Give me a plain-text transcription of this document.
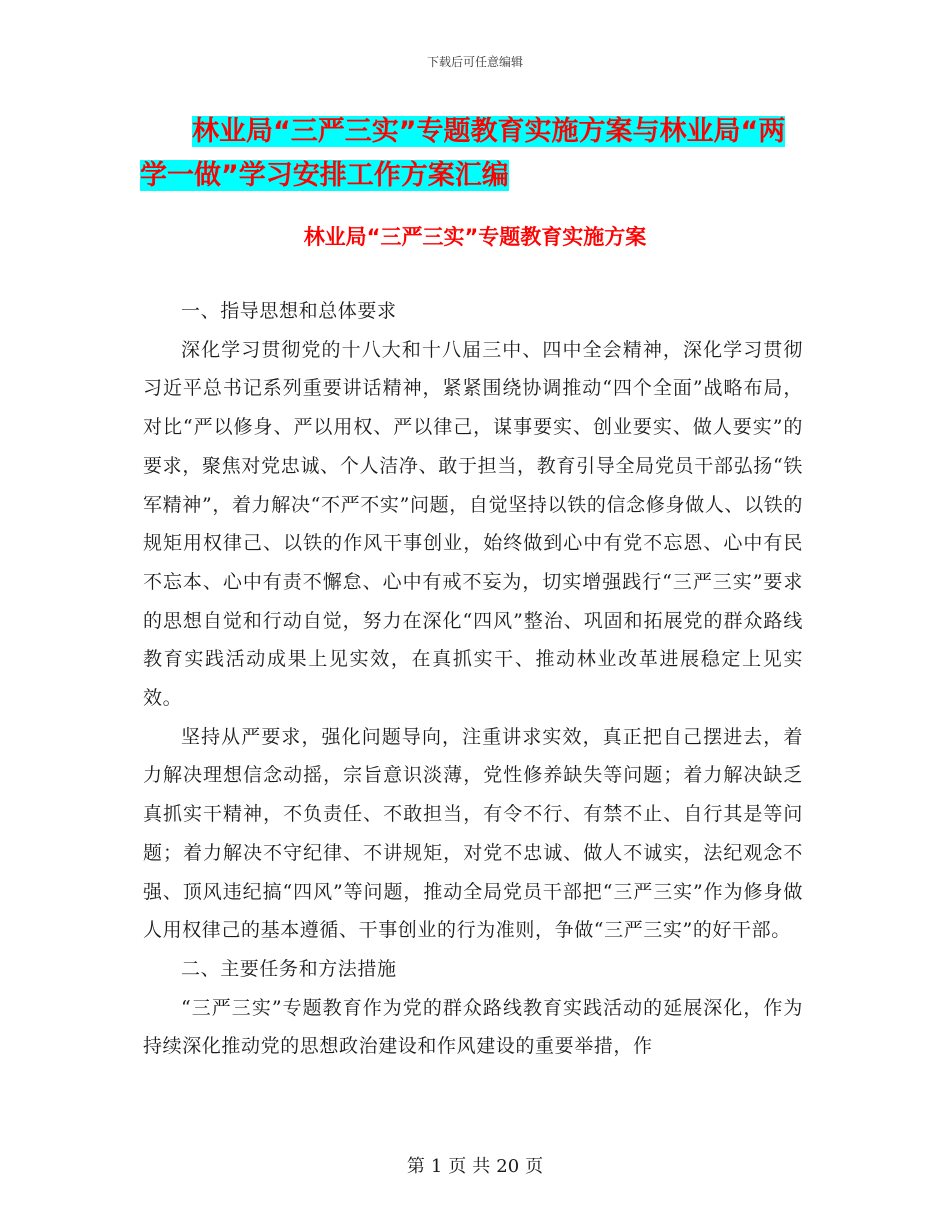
下载后可任意编辑
林业局“三严三实”专题教育实施方案与林业局“两
学一做”学习安排工作方案汇编
林业局“三严三实”专题教育实施方案

一、指导思想和总体要求

深化学习贯彻党的十八大和十八届三中、四中全会精神，深化学习贯彻习近平总书记系列重要讲话精神，紧紧围绕协调推动“四个全面”战略布局，对比“严以修身、严以用权、严以律己，谋事要实、创业要实、做人要实”的要求，聚焦对党忠诚、个人洁净、敢于担当，教育引导全局党员干部弘扬“铁军精神”，着力解决“不严不实”问题，自觉坚持以铁的信念修身做人、以铁的规矩用权律己、以铁的作风干事创业，始终做到心中有党不忘恩、心中有民不忘本、心中有责不懈怠、心中有戒不妄为，切实增强践行“三严三实”要求的思想自觉和行动自觉，努力在深化“四风”整治、巩固和拓展党的群众路线教育实践活动成果上见实效，在真抓实干、推动林业改革进展稳定上见实效。

坚持从严要求，强化问题导向，注重讲求实效，真正把自己摆进去，着力解决理想信念动摇，宗旨意识淡薄，党性修养缺失等问题；着力解决缺乏真抓实干精神，不负责任、不敢担当，有令不行、有禁不止、自行其是等问题；着力解决不守纪律、不讲规矩，对党不忠诚、做人不诚实，法纪观念不强、顶风违纪搞“四风”等问题，推动全局党员干部把“三严三实”作为修身做人用权律己的基本遵循、干事创业的行为准则，争做“三严三实”的好干部。

二、主要任务和方法措施

“三严三实”专题教育作为党的群众路线教育实践活动的延展深化，作为持续深化推动党的思想政治建设和作风建设的重要举措，作

第 1 页 共 20 页
